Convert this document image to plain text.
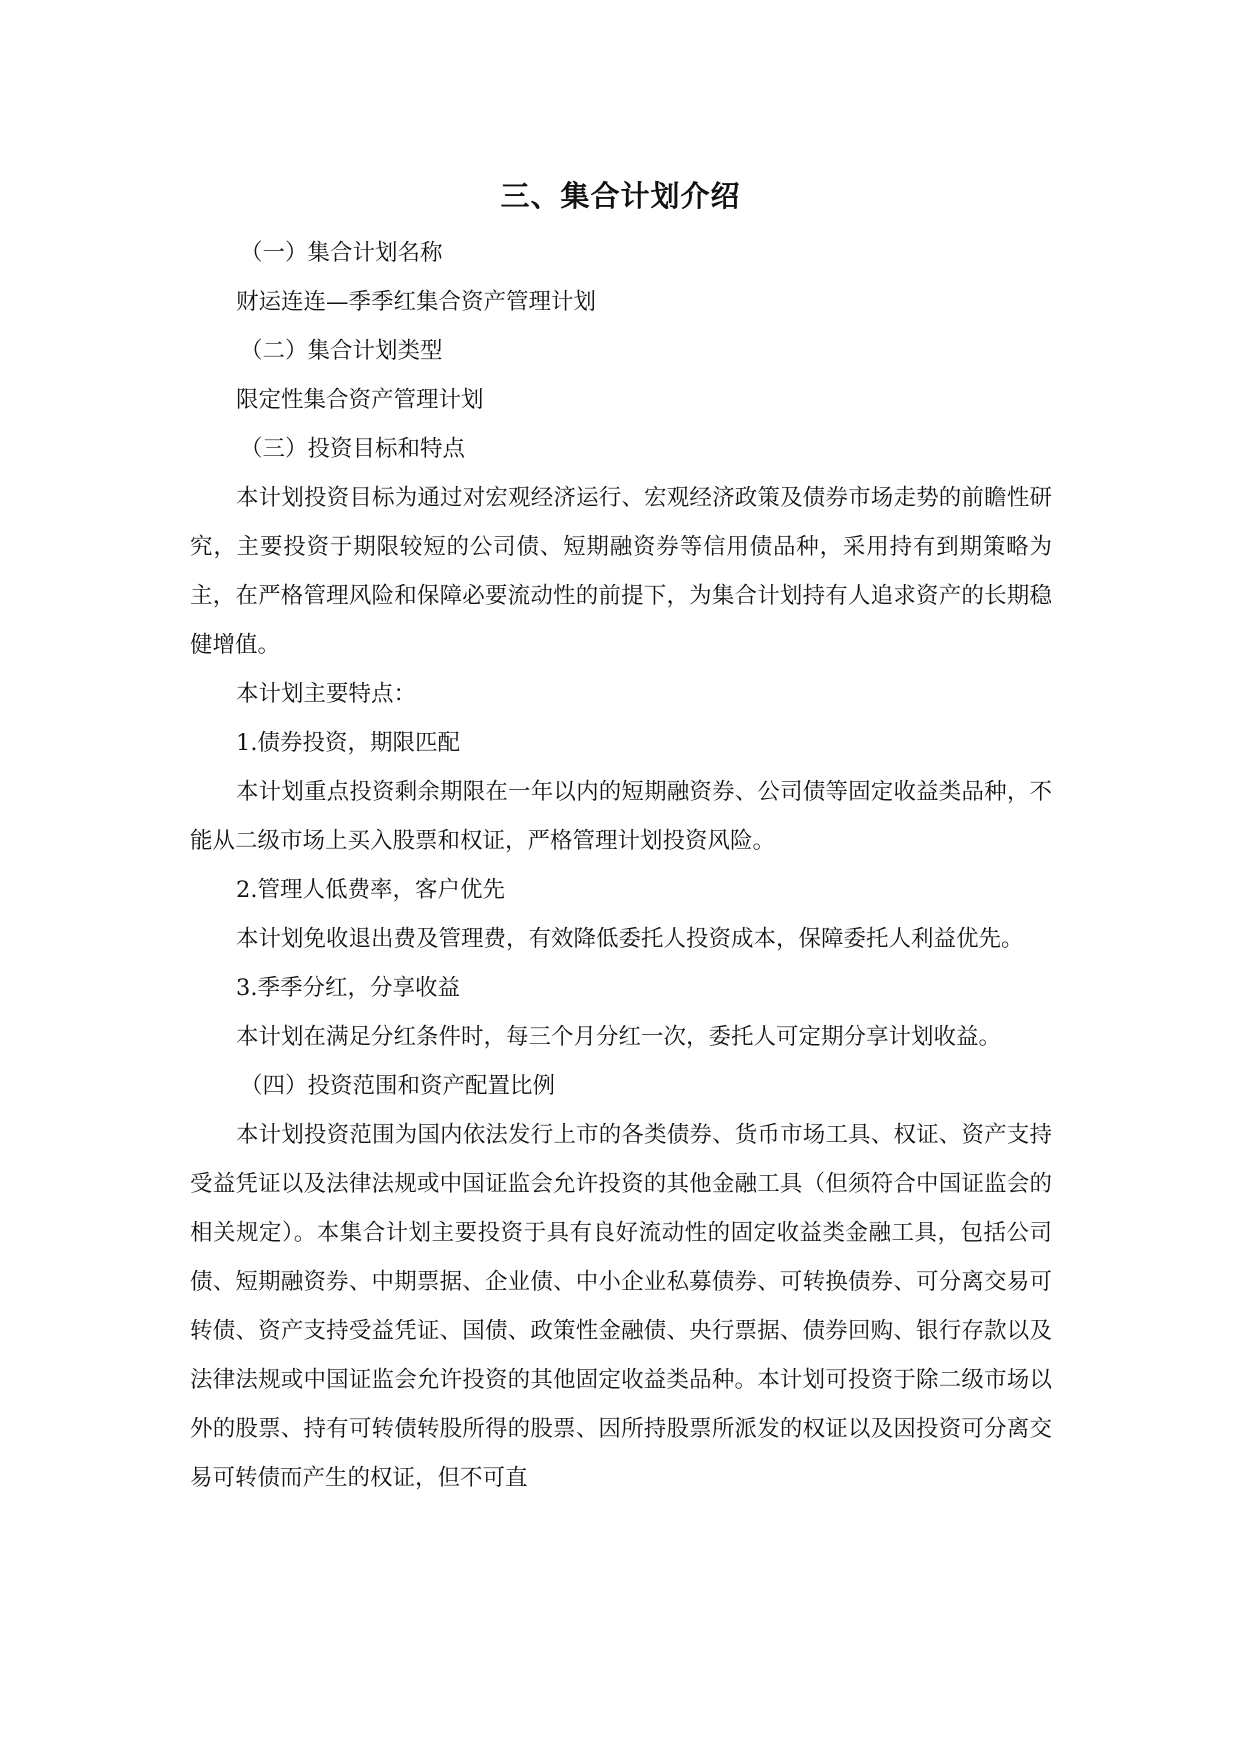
三、集合计划介绍
（一）集合计划名称
财运连连—季季红集合资产管理计划
（二）集合计划类型
限定性集合资产管理计划
（三）投资目标和特点

本计划投资目标为通过对宏观经济运行、宏观经济政策及债券市场走势的前瞻性研究，主要投资于期限较短的公司债、短期融资券等信用债品种，采用持有到期策略为主，在严格管理风险和保障必要流动性的前提下，为集合计划持有人追求资产的长期稳健增值。

本计划主要特点：
1.债券投资，期限匹配

本计划重点投资剩余期限在一年以内的短期融资券、公司债等固定收益类品种，不能从二级市场上买入股票和权证，严格管理计划投资风险。

2.管理人低费率，客户优先

本计划免收退出费及管理费，有效降低委托人投资成本，保障委托人利益优先。

3.季季分红，分享收益

本计划在满足分红条件时，每三个月分红一次，委托人可定期分享计划收益。

（四）投资范围和资产配置比例

本计划投资范围为国内依法发行上市的各类债券、货币市场工具、权证、资产支持受益凭证以及法律法规或中国证监会允许投资的其他金融工具（但须符合中国证监会的相关规定）。本集合计划主要投资于具有良好流动性的固定收益类金融工具，包括公司债、短期融资券、中期票据、企业债、中小企业私募债券、可转换债券、可分离交易可转债、资产支持受益凭证、国债、政策性金融债、央行票据、债券回购、银行存款以及法律法规或中国证监会允许投资的其他固定收益类品种。本计划可投资于除二级市场以外的股票、持有可转债转股所得的股票、因所持股票所派发的权证以及因投资可分离交易可转债而产生的权证，但不可直
